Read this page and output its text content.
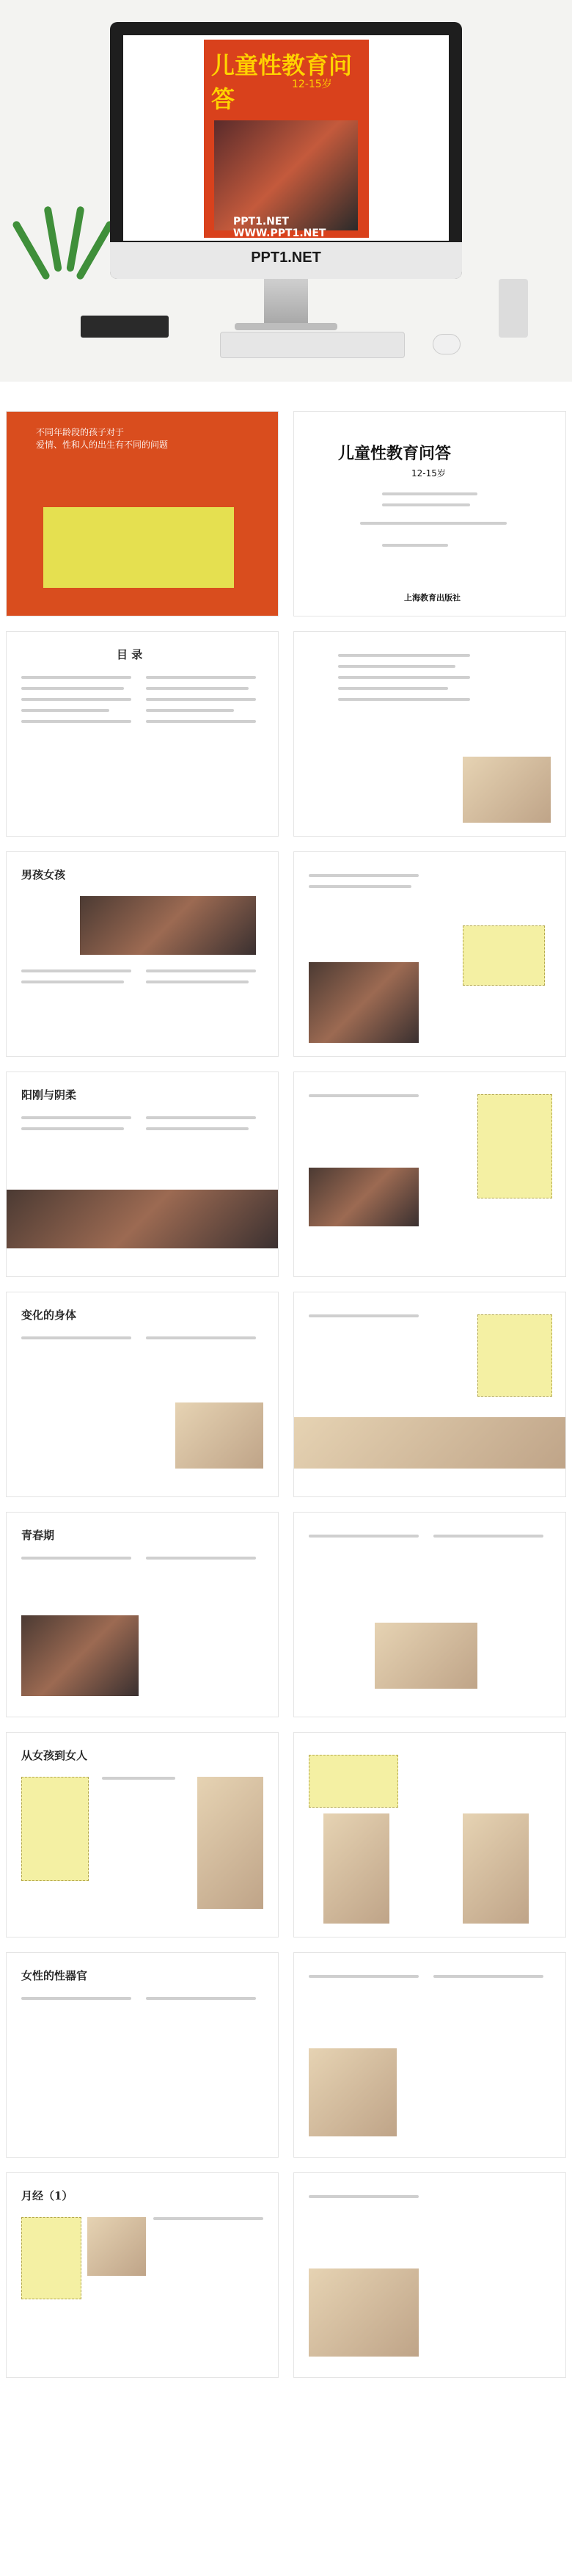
儿童性教育问答
12-15岁
PPT1.NET WWW.PPT1.NET
PPT1.NET
不同年龄段的孩子对于
爱情、性和人的出生有不同的问题	儿童性教育问答
12-15岁
上海教育出版社
目 录
男孩女孩
阳刚与阴柔
变化的身体
青春期
从女孩到女人
女性的性器官
月经（1）
